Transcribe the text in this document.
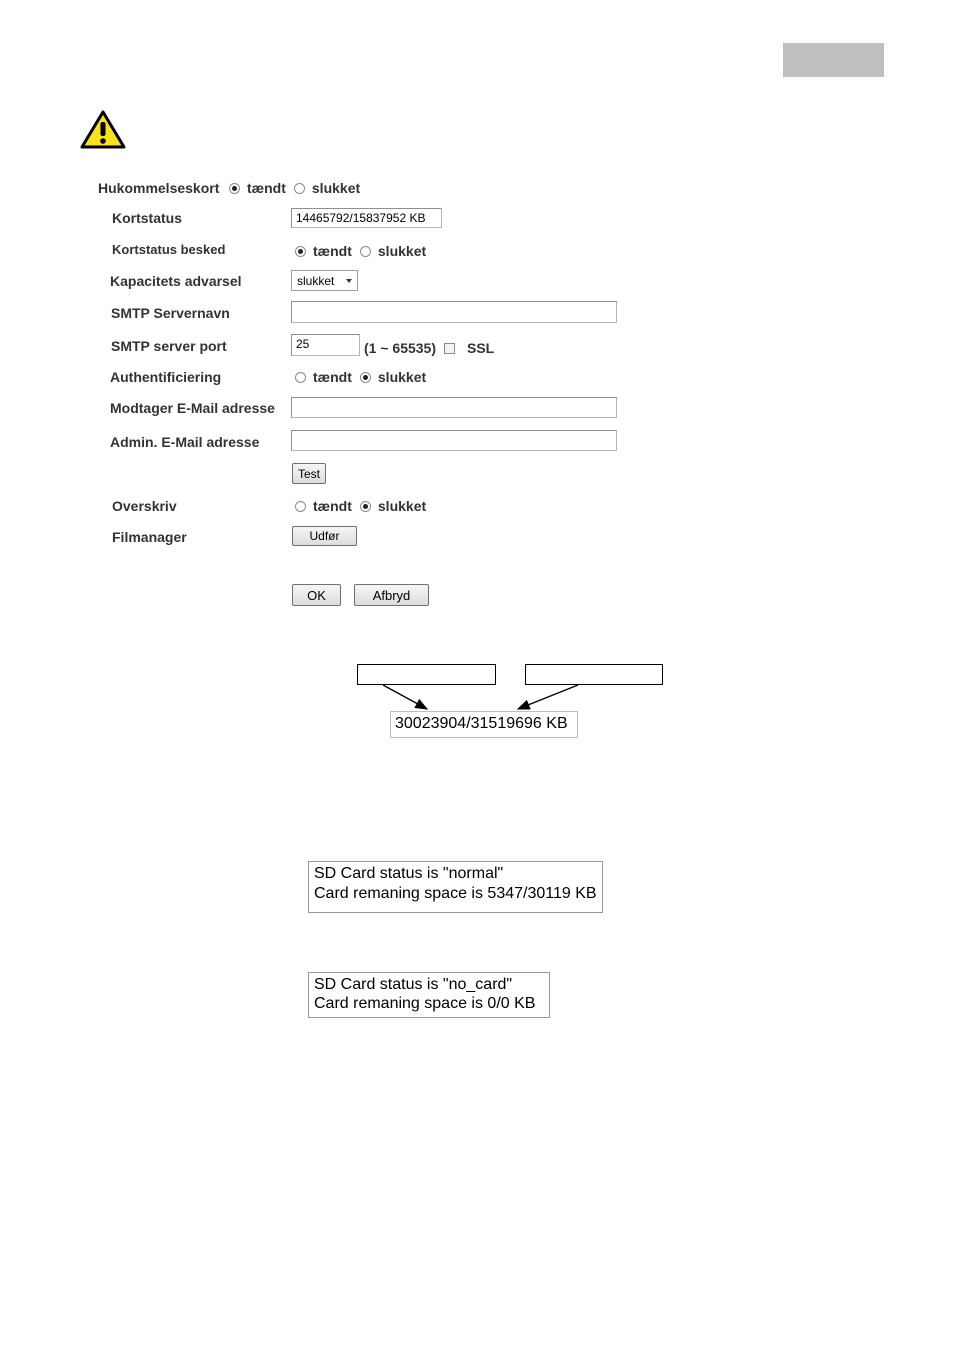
Hukommelseskort tændt slukket
Kortstatus	14465792/15837952 KB
Kortstatus besked	tændt slukket
Kapacitets advarsel	slukket
SMTP Servernavn
SMTP server port	25	(1 ~ 65535) SSL
Authentificiering	tændt slukket
Modtager E-Mail adresse
Admin. E-Mail adresse
Test
Overskriv	tændt slukket
Filmanager	Udfør
OK	Afbryd
30023904/31519696 KB
SD Card status is "normal"
Card remaning space is 5347/30119 KB
SD Card status is "no_card"
Card remaning space is 0/0 KB
